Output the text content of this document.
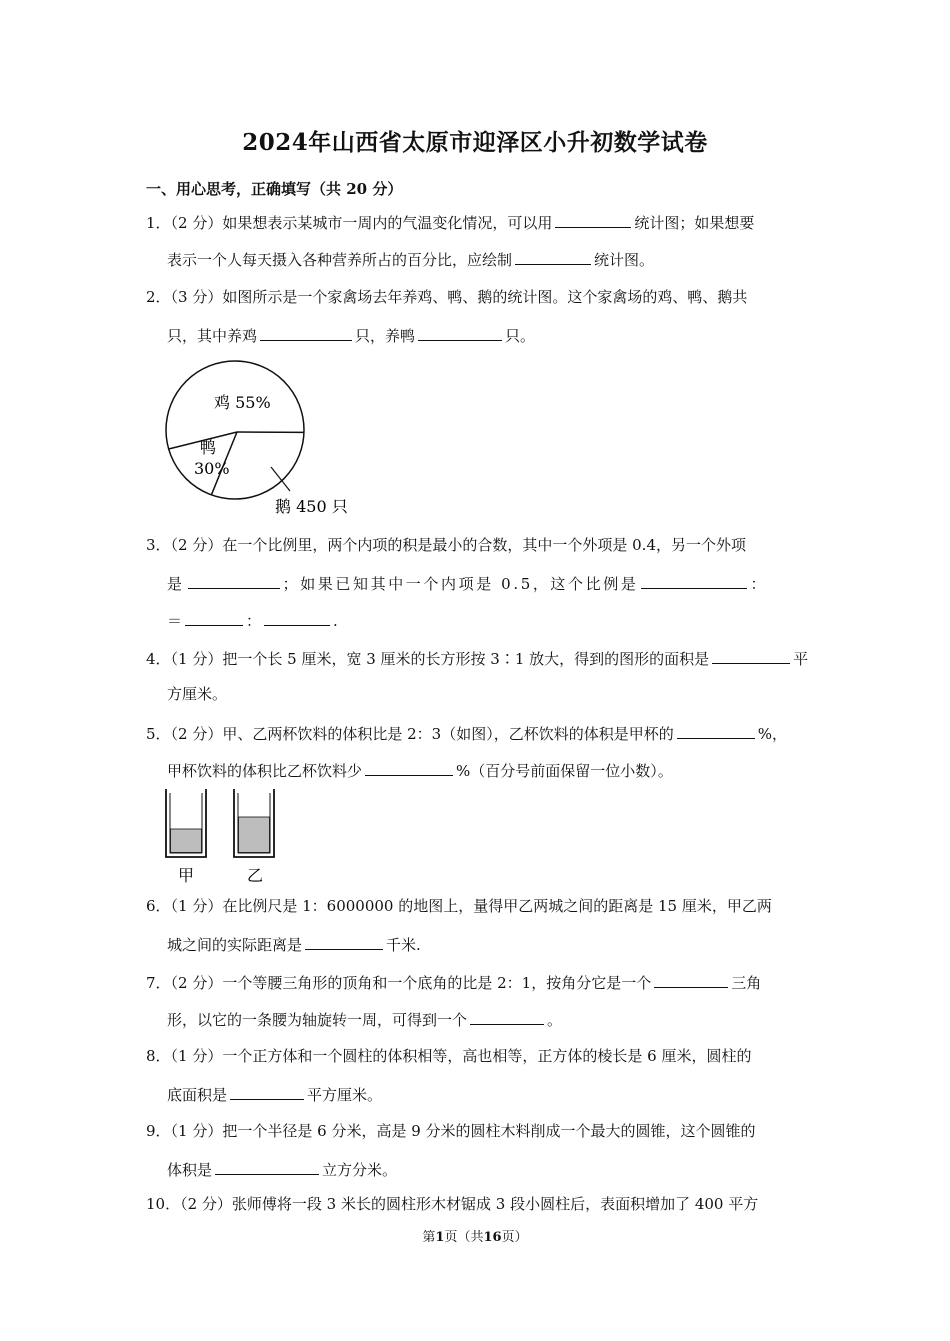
2024年山西省太原市迎泽区小升初数学试卷
一、用心思考，正确填写（共 20 分）
1．（2 分）如果想表示某城市一周内的气温变化情况，可以用	统计图；如果想要
表示一个人每天摄入各种营养所占的百分比，应绘制	统计图。
2．（3 分）如图所示是一个家禽场去年养鸡、鸭、鹅的统计图。这个家禽场的鸡、鸭、鹅共
只，其中养鸡	只，养鸭	只。
鸡 55%
鸭
30%
鹅 450 只
3．（2 分）在一个比例里，两个内项的积是最小的合数，其中一个外项是 0.4，另一个外项
是	；如果已知其中一个内项是 0.5，这个比例是	：
＝	：	.
4．（1 分）把一个长 5 厘米，宽 3 厘米的长方形按 3∶1 放大，得到的图形的面积是	平
方厘米。
5．（2 分）甲、乙两杯饮料的体积比是 2：3（如图），乙杯饮料的体积是甲杯的	%，
甲杯饮料的体积比乙杯饮料少	%（百分号前面保留一位小数）。
甲	乙
6．（1 分）在比例尺是 1：6000000 的地图上，量得甲乙两城之间的距离是 15 厘米，甲乙两
城之间的实际距离是	千米.
7．（2 分）一个等腰三角形的顶角和一个底角的比是 2：1，按角分它是一个	三角
形，以它的一条腰为轴旋转一周，可得到一个	。
8．（1 分）一个正方体和一个圆柱的体积相等，高也相等，正方体的棱长是 6 厘米，圆柱的
底面积是	平方厘米。
9．（1 分）把一个半径是 6 分米，高是 9 分米的圆柱木料削成一个最大的圆锥，这个圆锥的
体积是	立方分米。
10．（2 分）张师傅将一段 3 米长的圆柱形木材锯成 3 段小圆柱后，表面积增加了 400 平方
第1页（共16页）
